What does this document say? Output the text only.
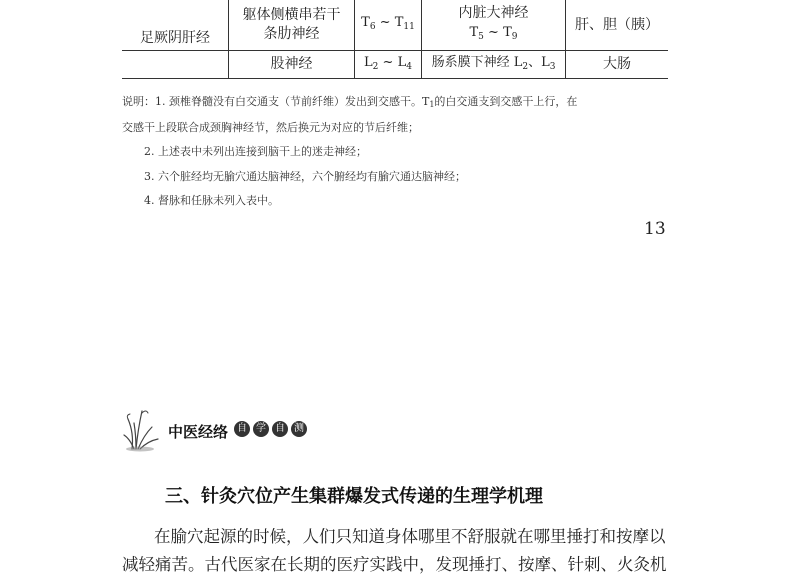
足厥阴肝经
躯体侧横串若干条肋神经
$T_6$ ~ $T_{11}$
内脏大神经
$T_5$ ~ $T_9$
肝、胆（胰）
股神经	$L_2$ ~ $L_4$ 肠系膜下神经 $L_2$、$L_3$	大肠
说明：1. 颈椎脊髓没有白交通支（节前纤维）发出到交感干。T1的白交通支到交感干上行，在
交感干上段联合成颈胸神经节，然后换元为对应的节后纤维；
2. 上述表中未列出连接到脑干上的迷走神经；
3. 六个脏经均无腧穴通达脑神经，六个腑经均有腧穴通达脑神经；
4. 督脉和任脉未列入表中。
13
中医经络 自 学 自 测
三、针灸穴位产生集群爆发式传递的生理学机理
在腧穴起源的时候，人们只知道身体哪里不舒服就在哪里捶打和按摩以
减轻痛苦。古代医家在长期的医疗实践中，发现捶打、按摩、针刺、火灸机
